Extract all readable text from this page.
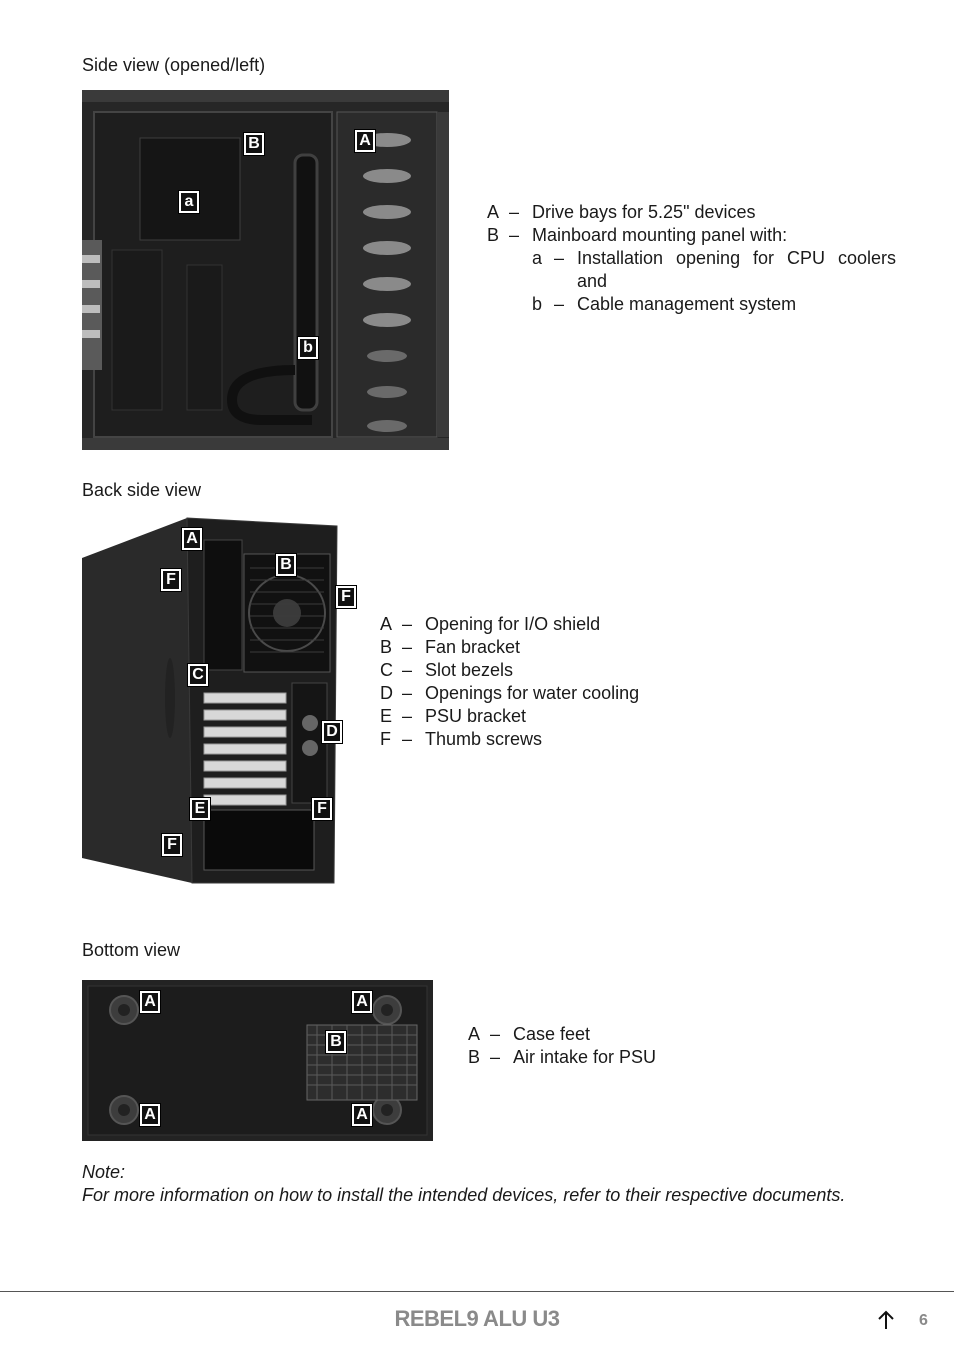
Side view (opened/left)
B	A
a
b
A – Drive bays for 5.25" devices
B – Mainboard mounting panel with:
a – Installation opening for CPU coolers and
b – Cable management system
Back side view
A
F
B
F
C
D
E	F
F
A – Opening for I/O shield
B – Fan bracket
C – Slot bezels
D – Openings for water cooling
E – PSU bracket
F – Thumb screws
Bottom view
A	A
B
A	A
A – Case feet
B – Air intake for PSU
Note:
For more information on how to install the intended devices, refer to their respective documents.
REBEL9 ALU U3	6
